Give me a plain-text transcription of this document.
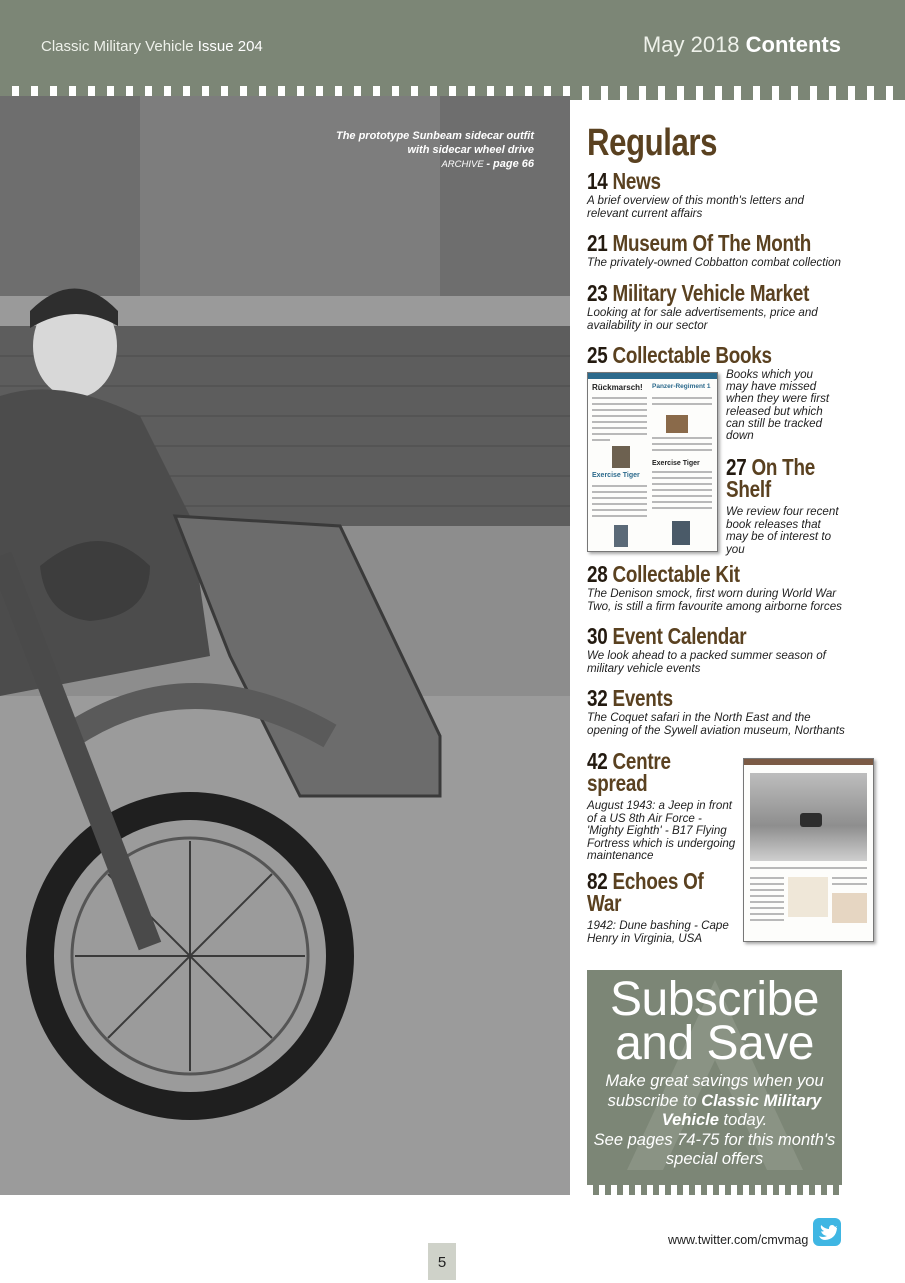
Classic Military Vehicle Issue 204	May 2018 Contents
The prototype Sunbeam sidecar outfit
with sidecar wheel drive
ARCHIVE - page 66 Regulars
14 News

A brief overview of this month's letters and relevant current affairs

21 Museum Of The Month

The privately-owned Cobbatton combat collection

23 Military Vehicle Market

Looking at for sale advertisements, price and availability in our sector

25 Collectable Books

Books which you may have missed when they were first released but which can still be tracked down

Rückmarsch! Panzer-Regiment 1
Exercise Tiger
Exercise Tiger 27 On The Shelf

We review four recent book releases that may be of interest to you

28 Collectable Kit

The Denison smock, first worn during World War Two, is still a firm favourite among airborne forces

30 Event Calendar

We look ahead to a packed summer season of military vehicle events

32 Events

The Coquet safari in the North East and the opening of the Sywell aviation museum, Northants

42 Centre spread

August 1943: a Jeep in front of a US 8th Air Force - 'Mighty Eighth' - B17 Flying Fortress which is undergoing maintenance

82 Echoes Of War

1942: Dune bashing - Cape Henry in Virginia, USA

Subscribe
and Save
Make great savings when you subscribe to Classic Military Vehicle today.
See pages 74-75 for this month's special offers
www.twitter.com/cmvmag
5
